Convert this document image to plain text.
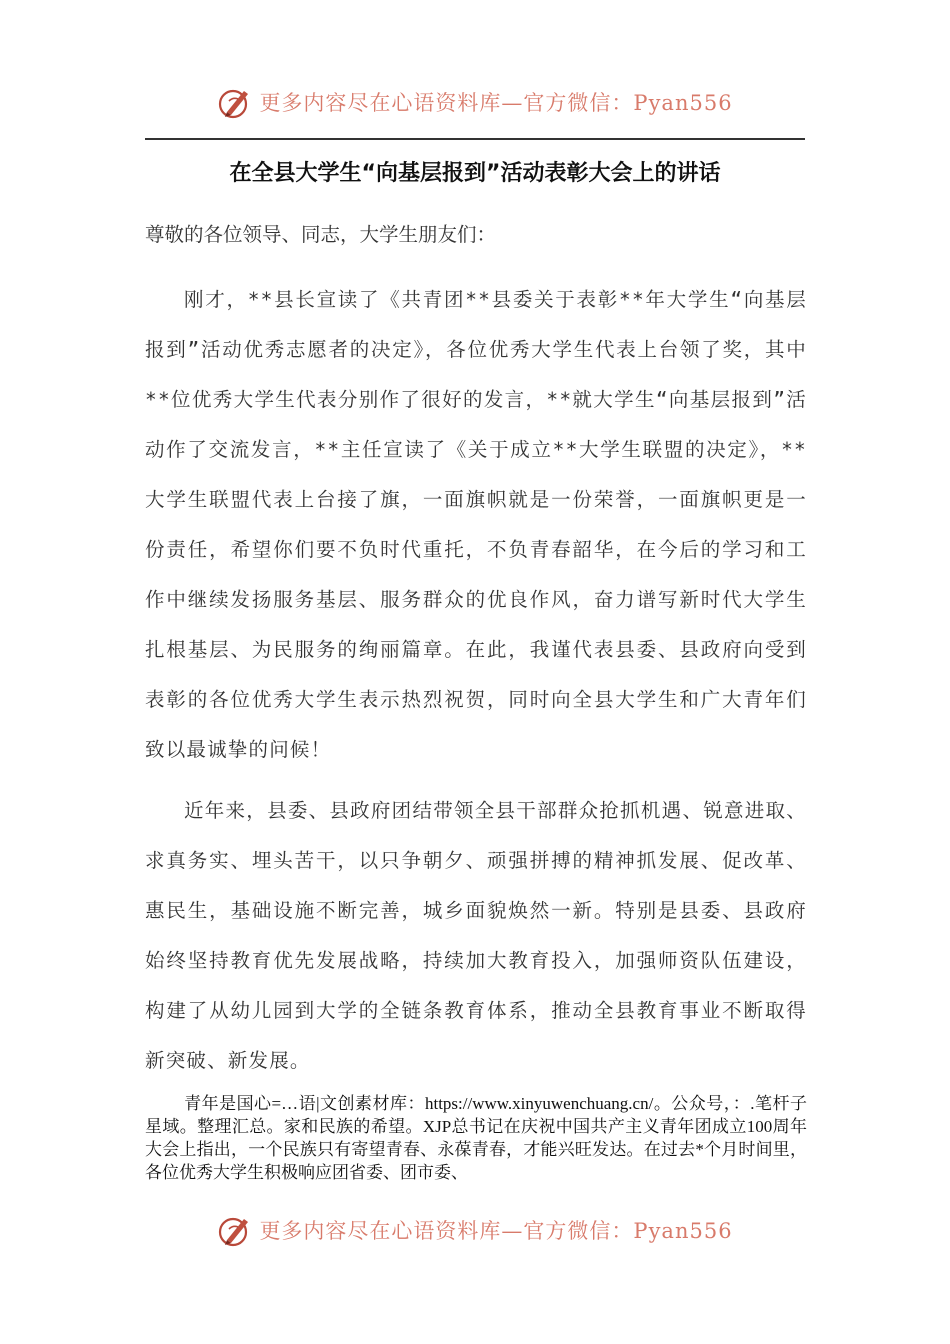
更多内容尽在心语资料库—官方微信：Pyan556
在全县大学生“向基层报到”活动表彰大会上的讲话
尊敬的各位领导、同志，大学生朋友们：

刚才，**县长宣读了《共青团**县委关于表彰**年大学生“向基层报到”活动优秀志愿者的决定》，各位优秀大学生代表上台领了奖，其中**位优秀大学生代表分别作了很好的发言，**就大学生“向基层报到”活动作了交流发言，**主任宣读了《关于成立**大学生联盟的决定》，**大学生联盟代表上台接了旗，一面旗帜就是一份荣誉，一面旗帜更是一份责任，希望你们要不负时代重托，不负青春韶华，在今后的学习和工作中继续发扬服务基层、服务群众的优良作风，奋力谱写新时代大学生扎根基层、为民服务的绚丽篇章。在此，我谨代表县委、县政府向受到表彰的各位优秀大学生表示热烈祝贺，同时向全县大学生和广大青年们致以最诚挚的问候！

近年来，县委、县政府团结带领全县干部群众抢抓机遇、锐意进取、求真务实、埋头苦干，以只争朝夕、顽强拼搏的精神抓发展、促改革、惠民生，基础设施不断完善，城乡面貌焕然一新。特别是县委、县政府始终坚持教育优先发展战略，持续加大教育投入，加强师资队伍建设，构建了从幼儿园到大学的全链条教育体系，推动全县教育事业不断取得新突破、新发展。

青年是国心=…语|文创素材库：https://www.xinyuwenchuang.cn/。公众号，：.笔杆子星域。整理汇总。家和民族的希望。XJP总书记在庆祝中国共产主义青年团成立100周年大会上指出，一个民族只有寄望青春、永葆青春，才能兴旺发达。在过去*个月时间里，各位优秀大学生积极响应团省委、团市委、

更多内容尽在心语资料库—官方微信：Pyan556
